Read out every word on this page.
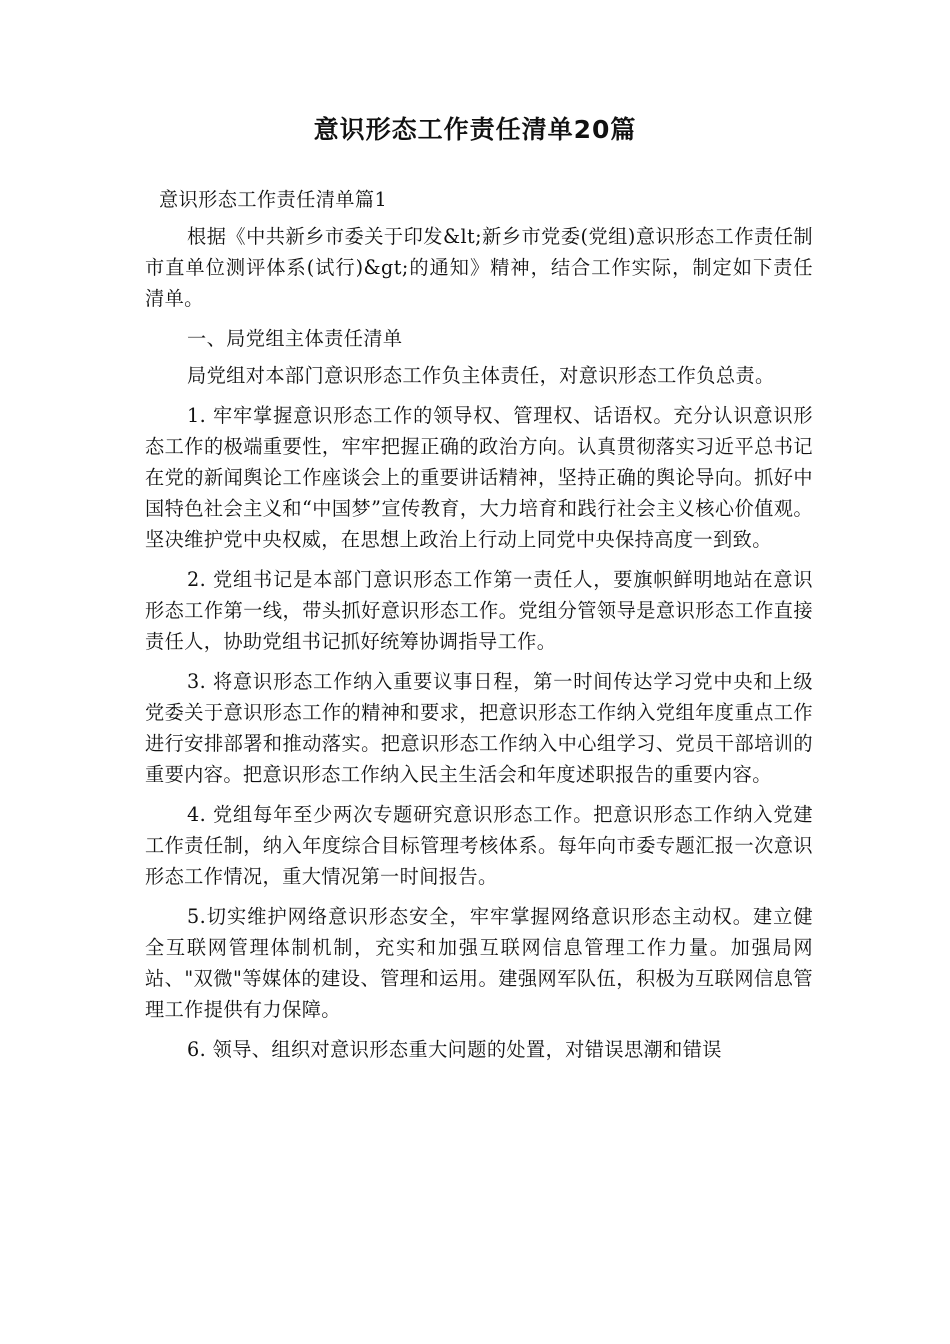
意识形态工作责任清单20篇

意识形态工作责任清单篇1

根据《中共新乡市委关于印发&lt;新乡市党委(党组)意识形态工作责任制市直单位测评体系(试行)&gt;的通知》精神，结合工作实际，制定如下责任清单。

一、局党组主体责任清单

局党组对本部门意识形态工作负主体责任，对意识形态工作负总责。

1. 牢牢掌握意识形态工作的领导权、管理权、话语权。充分认识意识形态工作的极端重要性，牢牢把握正确的政治方向。认真贯彻落实习近平总书记在党的新闻舆论工作座谈会上的重要讲话精神，坚持正确的舆论导向。抓好中国特色社会主义和“中国梦”宣传教育，大力培育和践行社会主义核心价值观。坚决维护党中央权威，在思想上政治上行动上同党中央保持高度一到致。

2. 党组书记是本部门意识形态工作第一责任人，要旗帜鲜明地站在意识形态工作第一线，带头抓好意识形态工作。党组分管领导是意识形态工作直接责任人，协助党组书记抓好统筹协调指导工作。

3. 将意识形态工作纳入重要议事日程，第一时间传达学习党中央和上级党委关于意识形态工作的精神和要求，把意识形态工作纳入党组年度重点工作进行安排部署和推动落实。把意识形态工作纳入中心组学习、党员干部培训的重要内容。把意识形态工作纳入民主生活会和年度述职报告的重要内容。

4. 党组每年至少两次专题研究意识形态工作。把意识形态工作纳入党建工作责任制，纳入年度综合目标管理考核体系。每年向市委专题汇报一次意识形态工作情况，重大情况第一时间报告。

5.切实维护网络意识形态安全，牢牢掌握网络意识形态主动权。建立健全互联网管理体制机制，充实和加强互联网信息管理工作力量。加强局网站、"双微"等媒体的建设、管理和运用。建强网军队伍，积极为互联网信息管理工作提供有力保障。

6. 领导、组织对意识形态重大问题的处置，对错误思潮和错误
